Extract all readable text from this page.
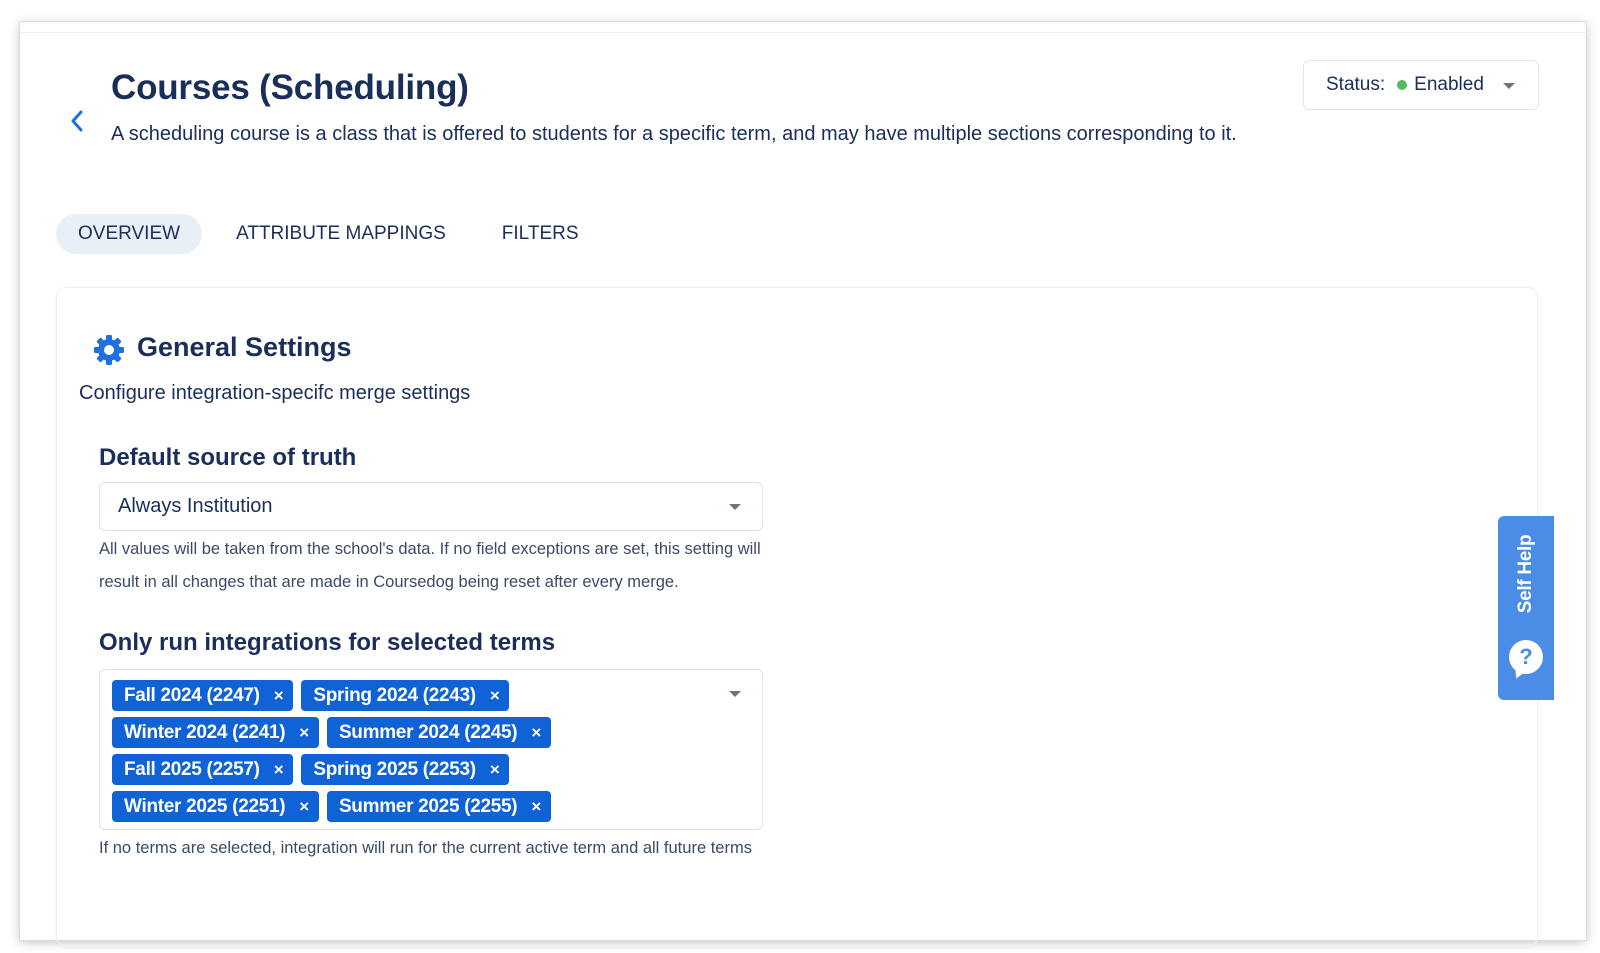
Courses (Scheduling)

A scheduling course is a class that is offered to students for a specific term, and may have multiple sections corresponding to it.

Status: Enabled
OVERVIEW	ATTRIBUTE MAPPINGS	FILTERS
General Settings
Configure integration-specifc merge settings
Default source of truth
Always Institution

All values will be taken from the school's data. If no field exceptions are set, this setting will result in all changes that are made in Coursedog being reset after every merge.

Only run integrations for selected terms
Fall 2024 (2247) × Spring 2024 (2243) ×
Winter 2024 (2241) × Summer 2024 (2245) ×
Fall 2025 (2257) × Spring 2025 (2253) ×
Winter 2025 (2251) × Summer 2025 (2255) ×

If no terms are selected, integration will run for the current active term and all future terms

Self Help
?
